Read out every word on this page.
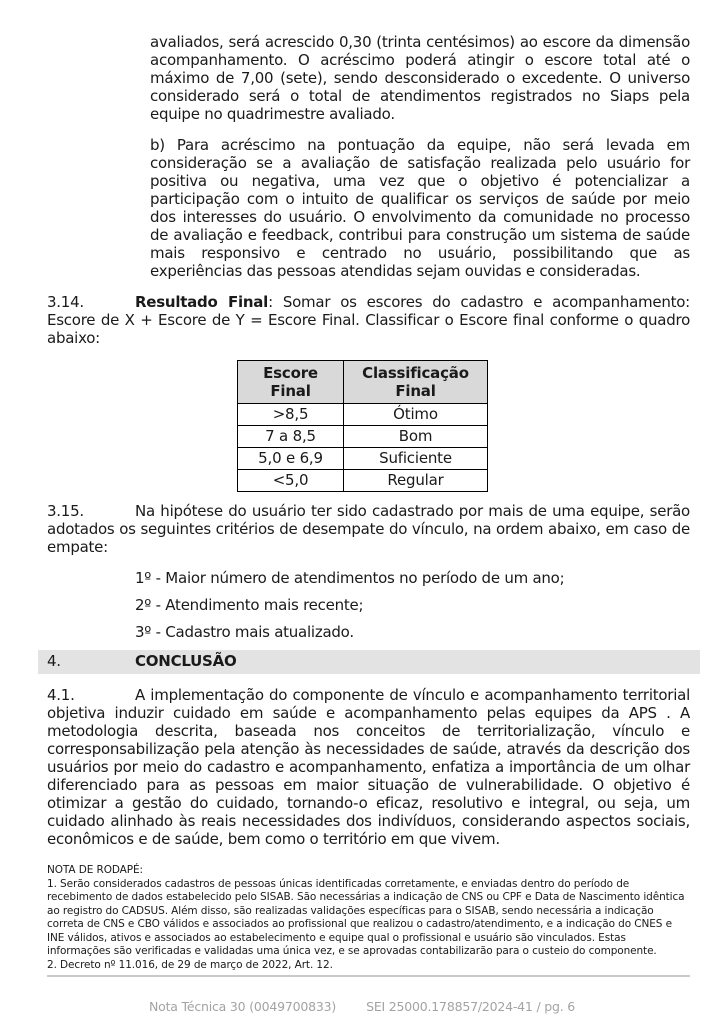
avaliados, será acrescido 0,30 (trinta centésimos) ao escore da dimensão acompanhamento. O acréscimo poderá atingir o escore total até o máximo de 7,00 (sete), sendo desconsiderado o excedente. O universo considerado será o total de atendimentos registrados no Siaps pela equipe no quadrimestre avaliado.

b) Para acréscimo na pontuação da equipe, não será levada em consideração se a avaliação de satisfação realizada pelo usuário for positiva ou negativa, uma vez que o objetivo é potencializar a participação com o intuito de qualificar os serviços de saúde por meio dos interesses do usuário. O envolvimento da comunidade no processo de avaliação e feedback, contribui para construção um sistema de saúde mais responsivo e centrado no usuário, possibilitando que as experiências das pessoas atendidas sejam ouvidas e consideradas.

3.14.	Resultado Final: Somar os escores do cadastro e acompanhamento: Escore de X + Escore de Y = Escore Final. Classificar o Escore final conforme o quadro abaixo:

Escore Final	Classificação Final
>8,5	Ótimo
7 a 8,5	Bom
5,0 e 6,9	Suficiente
<5,0	Regular

3.15.	Na hipótese do usuário ter sido cadastrado por mais de uma equipe, serão adotados os seguintes critérios de desempate do vínculo, na ordem abaixo, em caso de empate:

1º - Maior número de atendimentos no período de um ano;
2º - Atendimento mais recente;
3º - Cadastro mais atualizado.
4.	CONCLUSÃO

4.1.	A implementação do componente de vínculo e acompanhamento territorial objetiva induzir cuidado em saúde e acompanhamento pelas equipes da APS . A metodologia descrita, baseada nos conceitos de territorialização, vínculo e corresponsabilização pela atenção às necessidades de saúde, através da descrição dos usuários por meio do cadastro e acompanhamento, enfatiza a importância de um olhar diferenciado para as pessoas em maior situação de vulnerabilidade. O objetivo é otimizar a gestão do cuidado, tornando-o eficaz, resolutivo e integral, ou seja, um cuidado alinhado às reais necessidades dos indivíduos, considerando aspectos sociais, econômicos e de saúde, bem como o território em que vivem.

NOTA DE RODAPÉ:

1. Serão considerados cadastros de pessoas únicas identificadas corretamente, e enviadas dentro do período de recebimento de dados estabelecido pelo SISAB. São necessárias a indicação de CNS ou CPF e Data de Nascimento idêntica ao registro do CADSUS. Além disso, são realizadas validações específicas para o SISAB, sendo necessária a indicação correta de CNS e CBO válidos e associados ao profissional que realizou o cadastro/atendimento, e a indicação do CNES e INE válidos, ativos e associados ao estabelecimento e equipe qual o profissional e usuário são vinculados. Estas informações são verificadas e validadas uma única vez, e se aprovadas contabilizarão para o custeio do componente.

2. Decreto nº 11.016, de 29 de março de 2022, Art. 12.

Nota Técnica 30 (0049700833) SEI 25000.178857/2024-41 / pg. 6
